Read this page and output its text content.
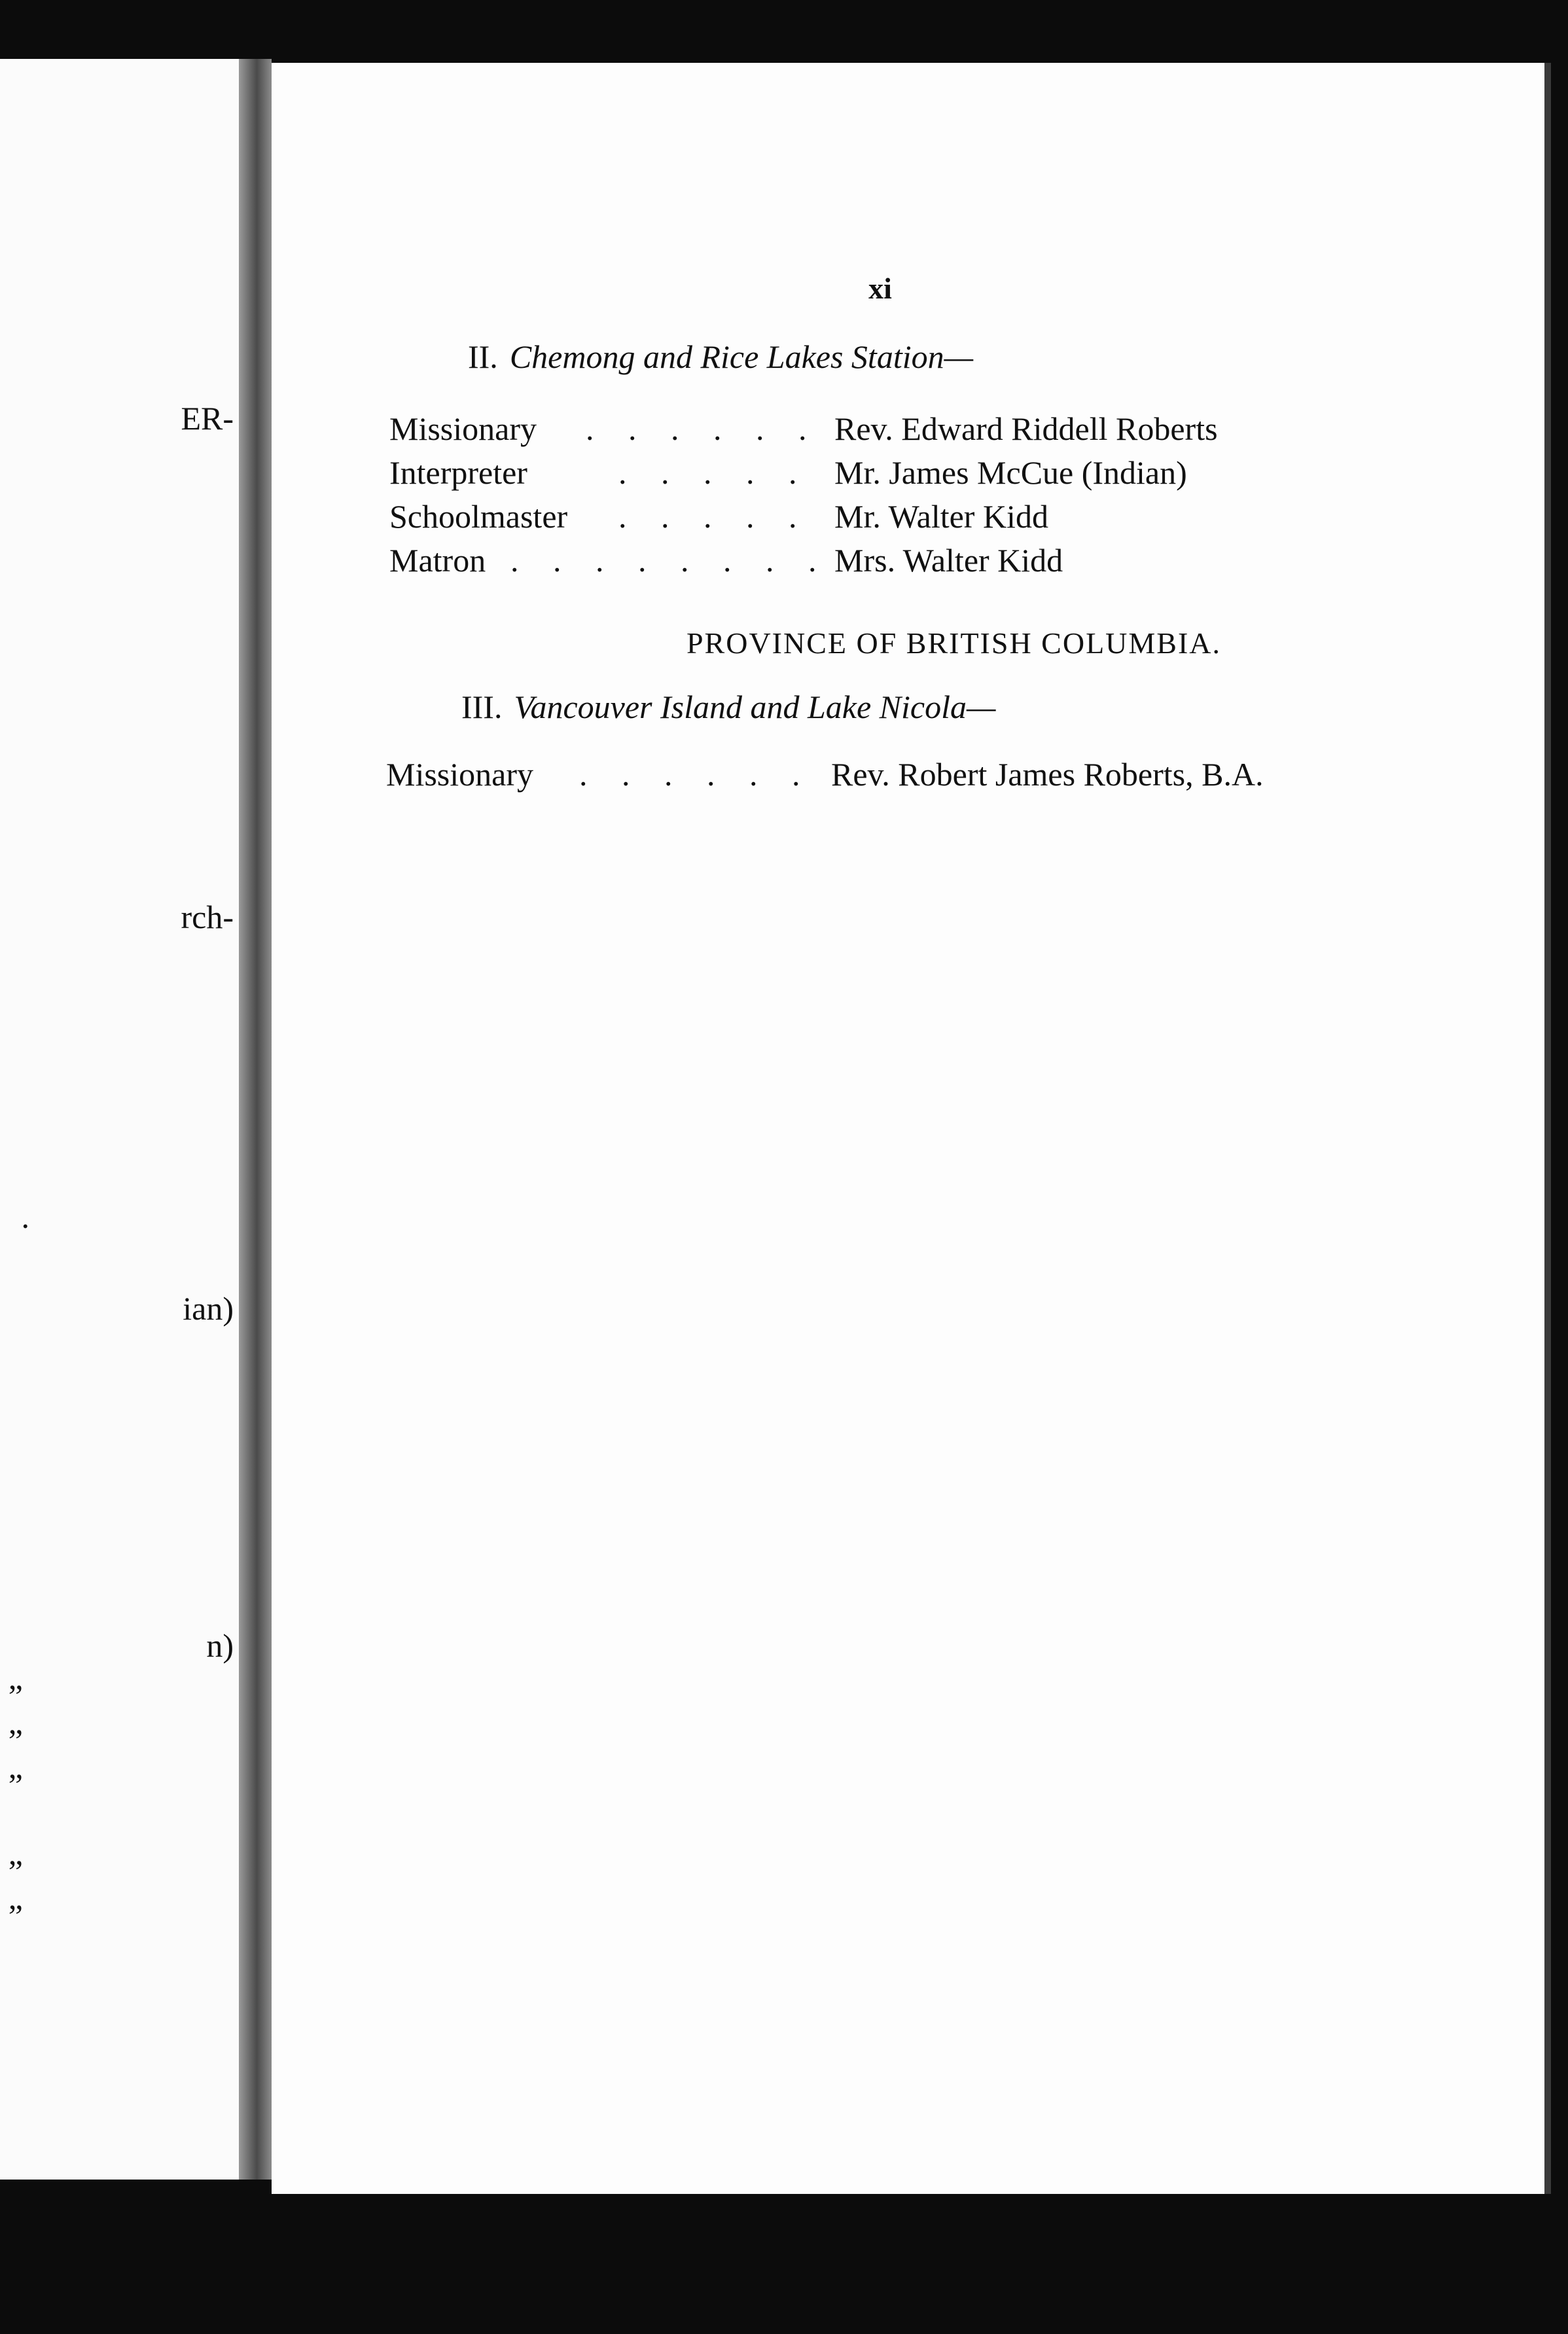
ER-
rch-
.
ian)
n)
”
”
”
”
”
xi
II. Chemong and Rice Lakes Station—
Missionary . . . . . . Rev. Edward Riddell Roberts
Interpreter	. . . . . Mr. James McCue (Indian)
Schoolmaster . . . . . Mr. Walter Kidd
Matron . . . . . . . . Mrs. Walter Kidd
PROVINCE OF BRITISH COLUMBIA.
III. Vancouver Island and Lake Nicola—
Missionary . . . . . . Rev. Robert James Roberts, B.A.
